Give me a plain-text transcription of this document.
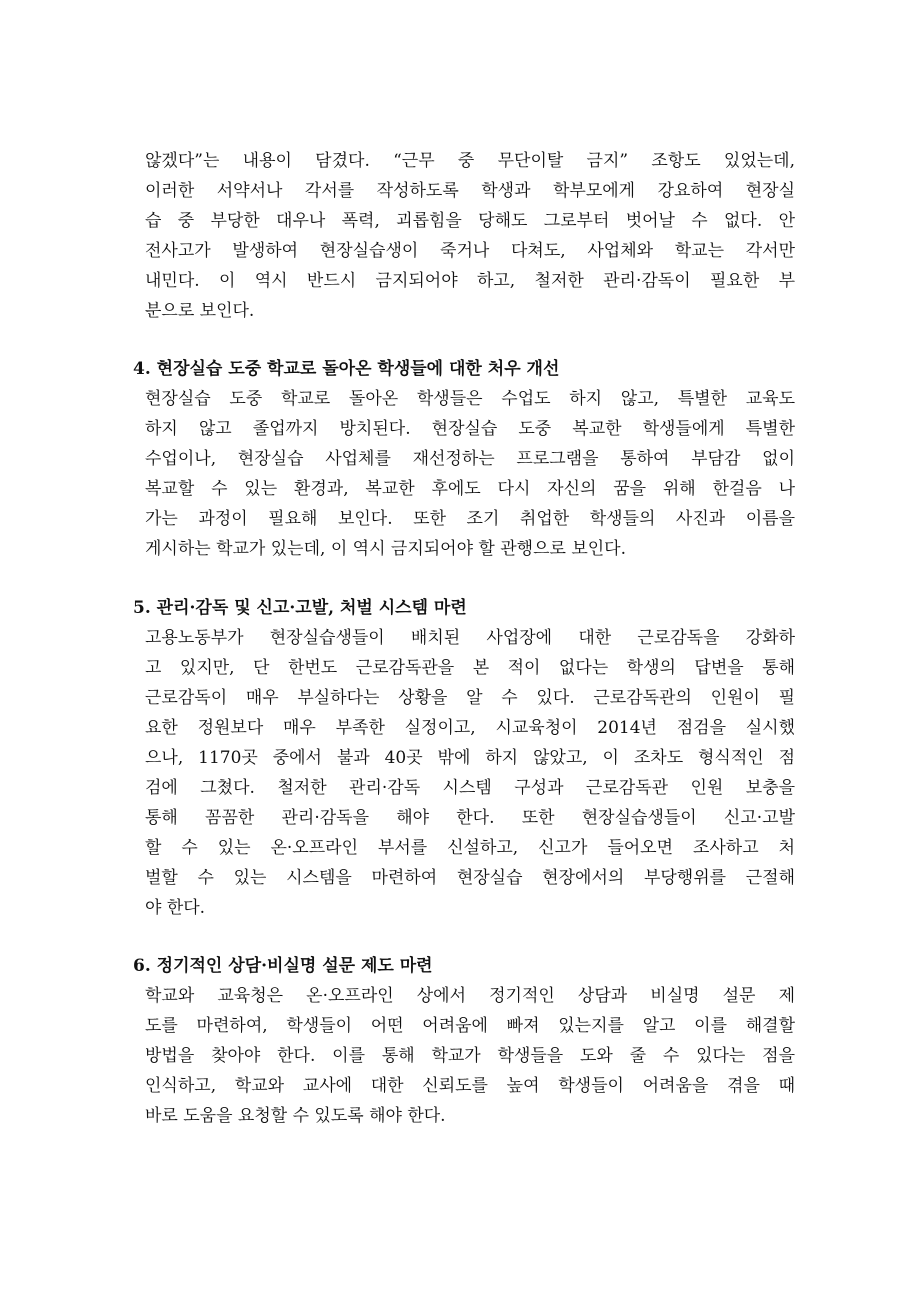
않겠다”는 내용이 담겼다. “근무 중 무단이탈 금지” 조항도 있었는데,
이러한 서약서나 각서를 작성하도록 학생과 학부모에게 강요하여 현장실
습 중 부당한 대우나 폭력, 괴롭힘을 당해도 그로부터 벗어날 수 없다. 안
전사고가 발생하여 현장실습생이 죽거나 다쳐도, 사업체와 학교는 각서만
내민다. 이 역시 반드시 금지되어야 하고, 철저한 관리·감독이 필요한 부
분으로 보인다.
4. 현장실습 도중 학교로 돌아온 학생들에 대한 처우 개선
현장실습 도중 학교로 돌아온 학생들은 수업도 하지 않고, 특별한 교육도
하지 않고 졸업까지 방치된다. 현장실습 도중 복교한 학생들에게 특별한
수업이나, 현장실습 사업체를 재선정하는 프로그램을 통하여 부담감 없이
복교할 수 있는 환경과, 복교한 후에도 다시 자신의 꿈을 위해 한걸음 나
가는 과정이 필요해 보인다. 또한 조기 취업한 학생들의 사진과 이름을
게시하는 학교가 있는데, 이 역시 금지되어야 할 관행으로 보인다.
5. 관리·감독 및 신고·고발, 처벌 시스템 마련
고용노동부가 현장실습생들이 배치된 사업장에 대한 근로감독을 강화하
고 있지만, 단 한번도 근로감독관을 본 적이 없다는 학생의 답변을 통해
근로감독이 매우 부실하다는 상황을 알 수 있다. 근로감독관의 인원이 필
요한 정원보다 매우 부족한 실정이고, 시교육청이 2014년 점검을 실시했
으나, 1170곳 중에서 불과 40곳 밖에 하지 않았고, 이 조차도 형식적인 점
검에 그쳤다. 철저한 관리·감독 시스템 구성과 근로감독관 인원 보충을
통해 꼼꼼한 관리·감독을 해야 한다. 또한 현장실습생들이 신고·고발
할 수 있는 온·오프라인 부서를 신설하고, 신고가 들어오면 조사하고 처
벌할 수 있는 시스템을 마련하여 현장실습 현장에서의 부당행위를 근절해
야 한다.
6. 정기적인 상담·비실명 설문 제도 마련
학교와 교육청은 온·오프라인 상에서 정기적인 상담과 비실명 설문 제
도를 마련하여, 학생들이 어떤 어려움에 빠져 있는지를 알고 이를 해결할
방법을 찾아야 한다. 이를 통해 학교가 학생들을 도와 줄 수 있다는 점을
인식하고, 학교와 교사에 대한 신뢰도를 높여 학생들이 어려움을 겪을 때
바로 도움을 요청할 수 있도록 해야 한다.
